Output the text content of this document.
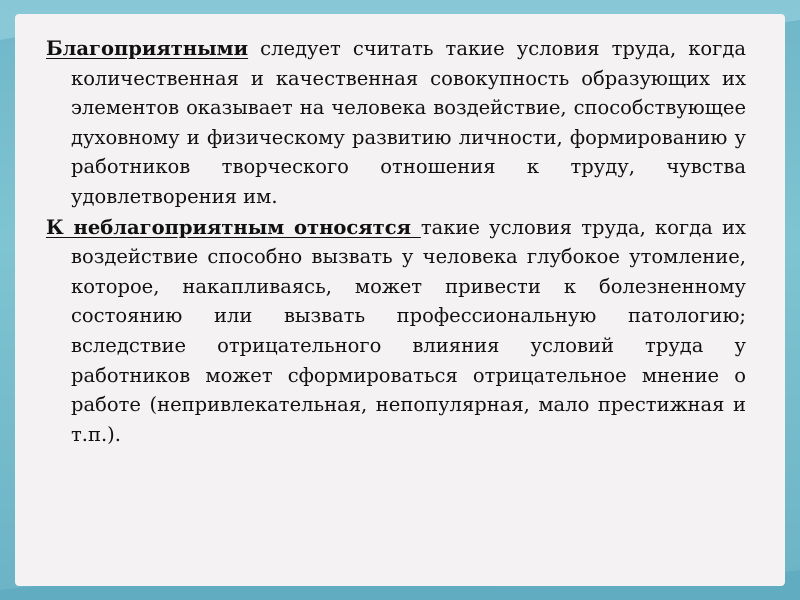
Благоприятными следует считать такие условия труда, когда количественная и качественная совокупность образующих их элементов оказывает на человека воздействие, способствующее духовному и физическому развитию личности, формированию у работников творческого отношения к труду, чувства удовлетворения им.

К неблагоприятным относятся такие условия труда, когда их воздействие способно вызвать у человека глубокое утомление, которое, накапливаясь, может привести к болезненному состоянию или вызвать профессиональную патологию; вследствие отрицательного влияния условий труда у работников может сформироваться отрицательное мнение о работе (непривлекательная, непопулярная, мало престижная и т.п.).
